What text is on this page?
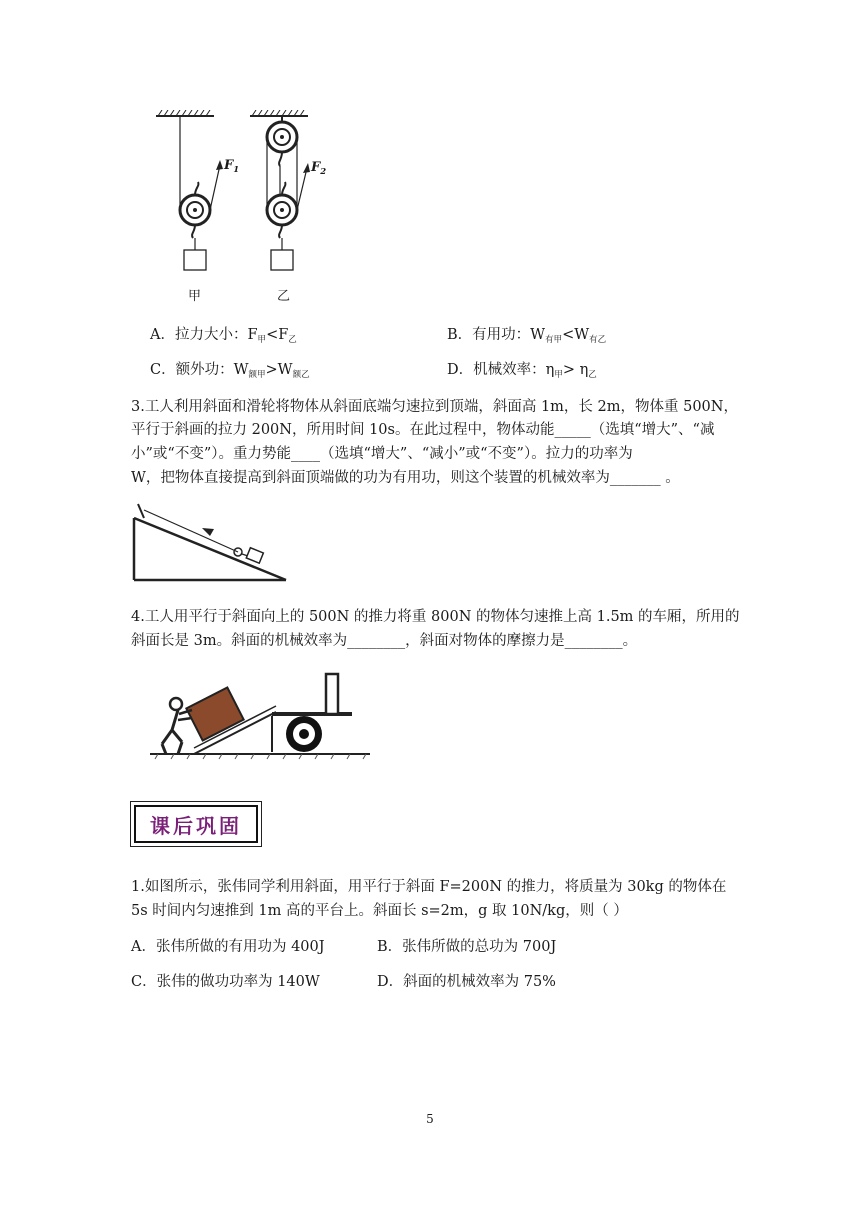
$F_1$	$F_2$
甲	乙
A．拉力大小：$F_甲<F_乙$	B．有用功：$W_{有甲}<W_{有乙}$
C．额外功：$W_{额甲}>W_{额乙}$	D．机械效率：$\eta_甲> \eta_乙$
3.工人利用斜面和滑轮将物体从斜面底端匀速拉到顶端，斜面高 1m，长 2m，物体重 500N，
平行于斜画的拉力 200N，所用时间 10s。在此过程中，物体动能_____（选填“增大”、“减
小”或“不变”）。重力势能____（选填“增大”、“减小”或“不变”）。拉力的功率为
W，把物体直接提高到斜面顶端做的功为有用功，则这个装置的机械效率为_______ 。
4.工人用平行于斜面向上的 500N 的推力将重 800N 的物体匀速推上高 1.5m 的车厢，所用的
斜面长是 3m。斜面的机械效率为________，斜面对物体的摩擦力是________。
课后巩固
1.如图所示，张伟同学利用斜面，用平行于斜面 F=200N 的推力，将质量为 30kg 的物体在
5s 时间内匀速推到 1m 高的平台上。斜面长 s=2m，g 取 10N/kg，则（ ）
A．张伟所做的有用功为 400J	B．张伟所做的总功为 700J
C．张伟的做功功率为 140W	D．斜面的机械效率为 75%
5
